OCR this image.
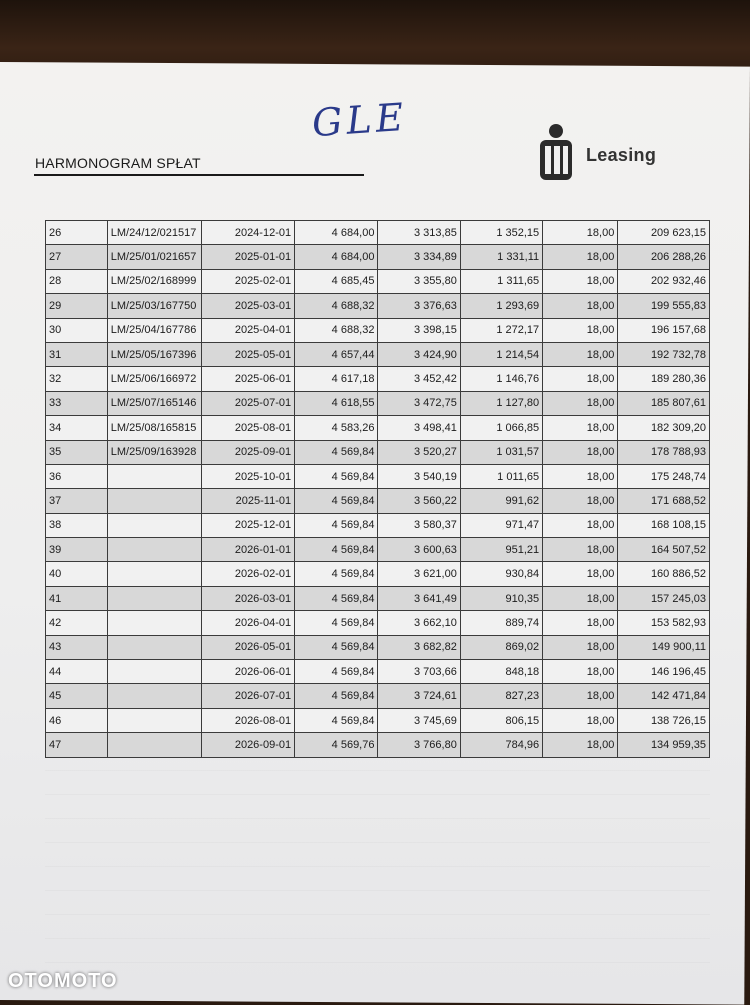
GLE
HARMONOGRAM SPŁAT	Leasing
26	LM/24/12/021517	2024-12-01	4 684,00	3 313,85	1 352,15	18,00	209 623,15
27	LM/25/01/021657	2025-01-01	4 684,00	3 334,89	1 331,11	18,00	206 288,26
28	LM/25/02/168999	2025-02-01	4 685,45	3 355,80	1 311,65	18,00	202 932,46
29	LM/25/03/167750	2025-03-01	4 688,32	3 376,63	1 293,69	18,00	199 555,83
30	LM/25/04/167786	2025-04-01	4 688,32	3 398,15	1 272,17	18,00	196 157,68
31	LM/25/05/167396	2025-05-01	4 657,44	3 424,90	1 214,54	18,00	192 732,78
32	LM/25/06/166972	2025-06-01	4 617,18	3 452,42	1 146,76	18,00	189 280,36
33	LM/25/07/165146	2025-07-01	4 618,55	3 472,75	1 127,80	18,00	185 807,61
34	LM/25/08/165815	2025-08-01	4 583,26	3 498,41	1 066,85	18,00	182 309,20
35	LM/25/09/163928	2025-09-01	4 569,84	3 520,27	1 031,57	18,00	178 788,93
36		2025-10-01	4 569,84	3 540,19	1 011,65	18,00	175 248,74
37		2025-11-01	4 569,84	3 560,22	991,62	18,00	171 688,52
38		2025-12-01	4 569,84	3 580,37	971,47	18,00	168 108,15
39		2026-01-01	4 569,84	3 600,63	951,21	18,00	164 507,52
40		2026-02-01	4 569,84	3 621,00	930,84	18,00	160 886,52
41		2026-03-01	4 569,84	3 641,49	910,35	18,00	157 245,03
42		2026-04-01	4 569,84	3 662,10	889,74	18,00	153 582,93
43		2026-05-01	4 569,84	3 682,82	869,02	18,00	149 900,11
44		2026-06-01	4 569,84	3 703,66	848,18	18,00	146 196,45
45		2026-07-01	4 569,84	3 724,61	827,23	18,00	142 471,84
46		2026-08-01	4 569,84	3 745,69	806,15	18,00	138 726,15
47		2026-09-01	4 569,76	3 766,80	784,96	18,00	134 959,35
OTOMOTO
